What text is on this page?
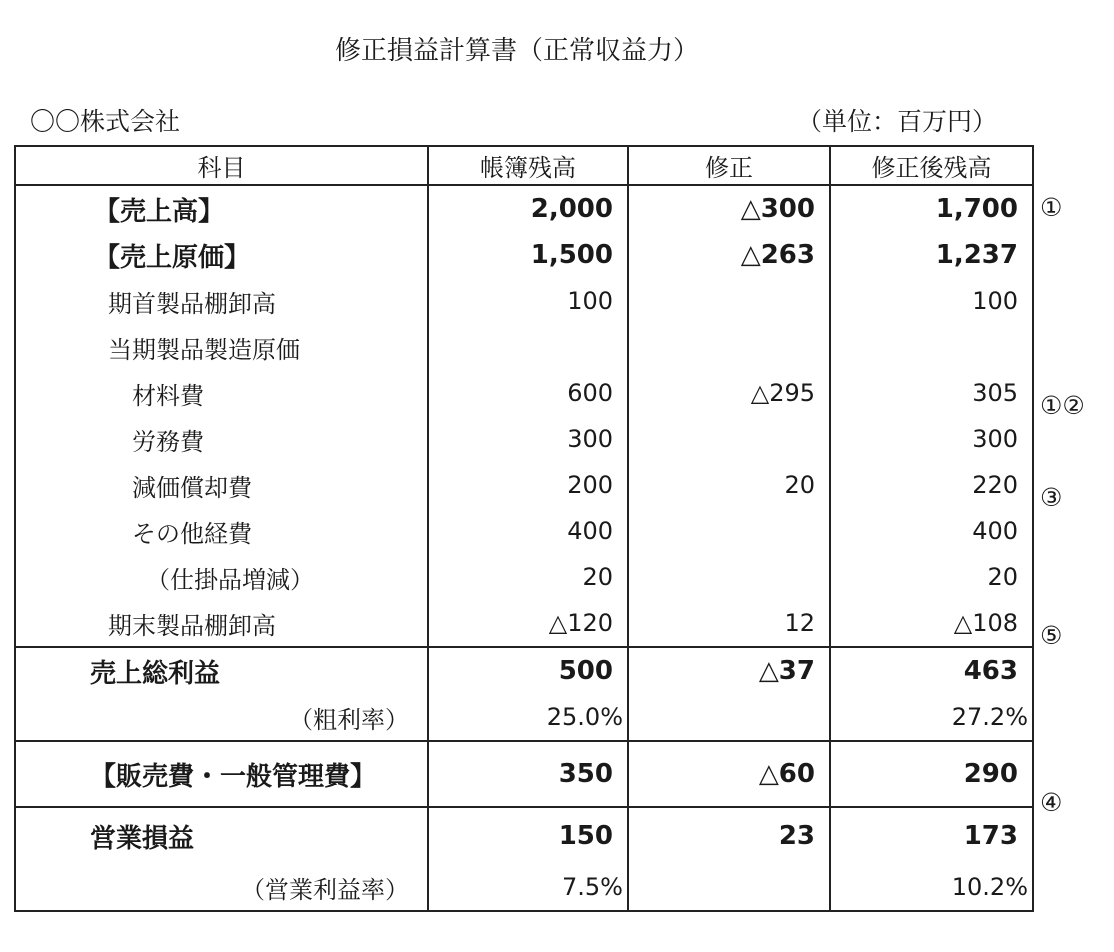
修正損益計算書（正常収益力）
〇〇株式会社	（単位：百万円）
科目	帳簿残高	修正	修正後残高
【売上高】	2,000	△300	1,700
【売上原価】	1,500	△263	1,237
期首製品棚卸高	100		100
当期製品製造原価			
材料費	600	△295	305
労務費	300		300
減価償却費	200	20	220
その他経費	400		400
（仕掛品増減）	20		20
期末製品棚卸高	△120	12	△108
売上総利益	500	△37	463
（粗利率）	25.0%		27.2%
【販売費・一般管理費】	350	△60	290
営業損益	150	23	173
（営業利益率）	7.5%		10.2%
①
①②
③
⑤
④
